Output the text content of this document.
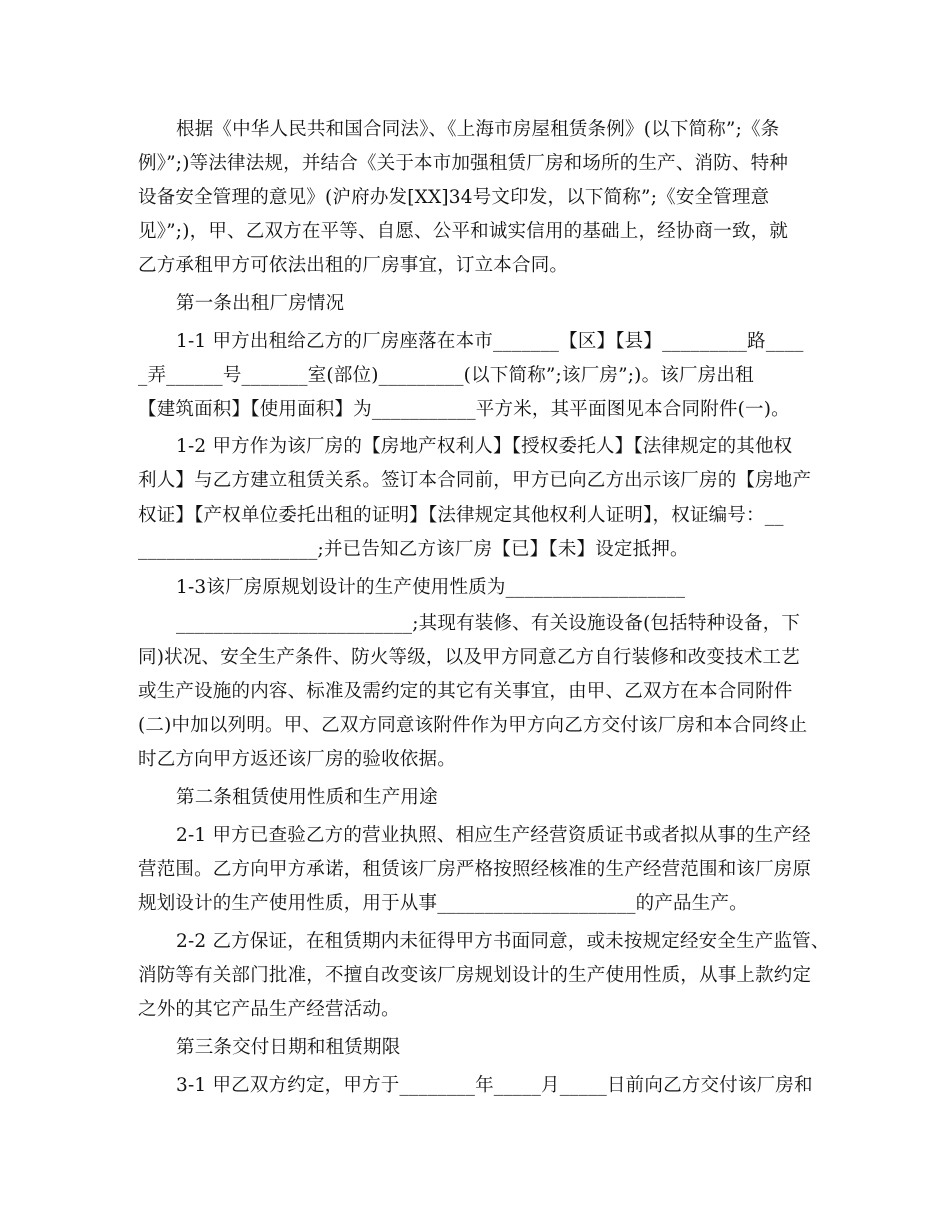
根据《中华人民共和国合同法》、《上海市房屋租赁条例》(以下简称”;《条
例》”;)等法律法规，并结合《关于本市加强租赁厂房和场所的生产、消防、特种
设备安全管理的意见》(沪府办发[XX]34号文印发，以下简称”;《安全管理意
见》”;)，甲、乙双方在平等、自愿、公平和诚实信用的基础上，经协商一致，就
乙方承租甲方可依法出租的厂房事宜，订立本合同。
第一条出租厂房情况
1-1 甲方出租给乙方的厂房座落在本市_______【区】【县】_________路____
_弄______号_______室(部位)_________(以下简称”;该厂房”;)。该厂房出租
【建筑面积】【使用面积】为___________平方米，其平面图见本合同附件(一)。
1-2 甲方作为该厂房的【房地产权利人】【授权委托人】【法律规定的其他权
利人】与乙方建立租赁关系。签订本合同前，甲方已向乙方出示该厂房的【房地产
权证】【产权单位委托出租的证明】【法律规定其他权利人证明】，权证编号：__
___________________;并已告知乙方该厂房【已】【未】设定抵押。
1-3该厂房原规划设计的生产使用性质为___________________
_________________________;其现有装修、有关设施设备(包括特种设备，下
同)状况、安全生产条件、防火等级，以及甲方同意乙方自行装修和改变技术工艺
或生产设施的内容、标准及需约定的其它有关事宜，由甲、乙双方在本合同附件
(二)中加以列明。甲、乙双方同意该附件作为甲方向乙方交付该厂房和本合同终止
时乙方向甲方返还该厂房的验收依据。
第二条租赁使用性质和生产用途
2-1 甲方已查验乙方的营业执照、相应生产经营资质证书或者拟从事的生产经
营范围。乙方向甲方承诺，租赁该厂房严格按照经核准的生产经营范围和该厂房原
规划设计的生产使用性质，用于从事_____________________的产品生产。
2-2 乙方保证，在租赁期内未征得甲方书面同意，或未按规定经安全生产监管、
消防等有关部门批准，不擅自改变该厂房规划设计的生产使用性质，从事上款约定
之外的其它产品生产经营活动。
第三条交付日期和租赁期限
3-1 甲乙双方约定，甲方于________年_____月_____日前向乙方交付该厂房和
